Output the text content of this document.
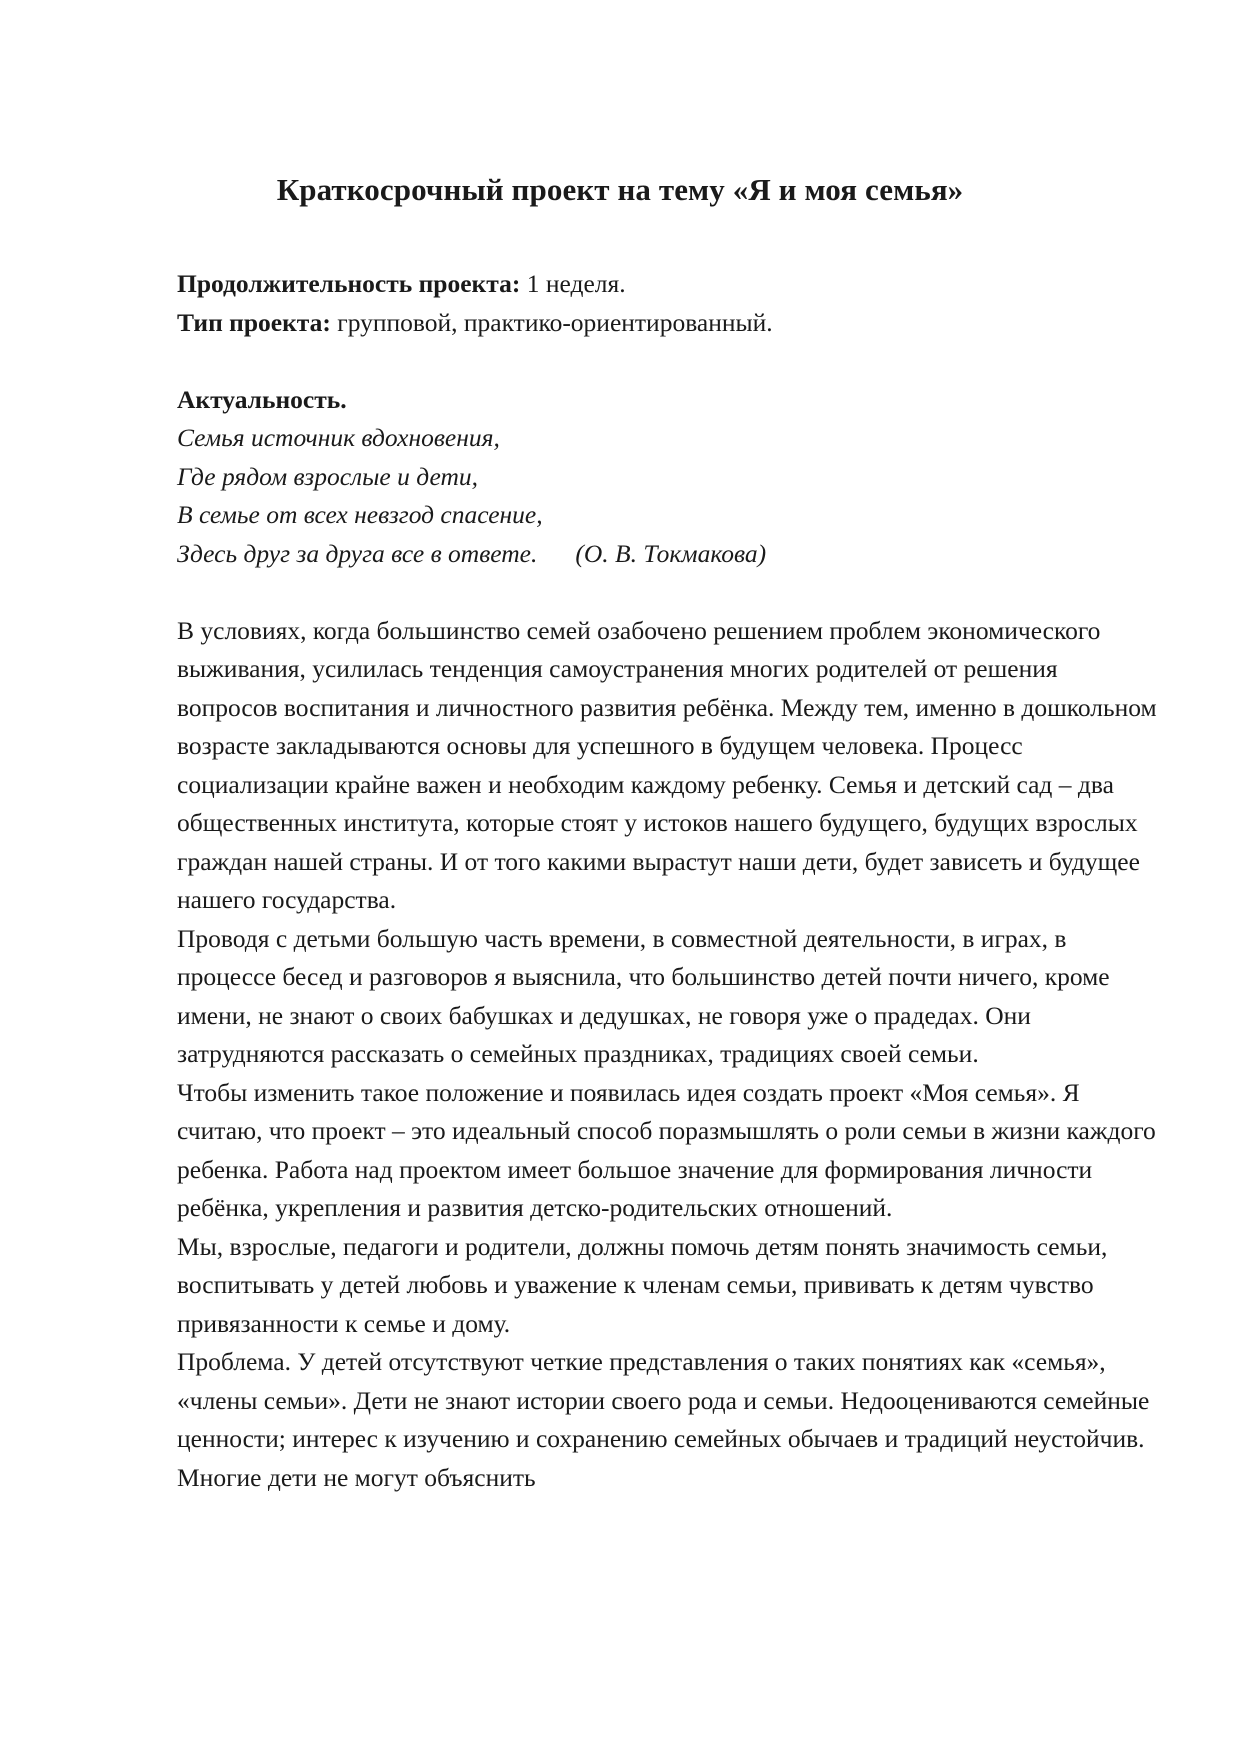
Краткосрочный проект на тему «Я и моя семья»

Продолжительность проекта: 1 неделя.

Тип проекта: групповой, практико-ориентированный.

Актуальность.

Семья источник вдохновения,

Где рядом взрослые и дети,

В семье от всех невзгод спасение,

Здесь друг за друга все в ответе. (О. В. Токмакова)

В условиях, когда большинство семей озабочено решением проблем экономического выживания, усилилась тенденция самоустранения многих родителей от решения вопросов воспитания и личностного развития ребёнка. Между тем, именно в дошкольном возрасте закладываются основы для успешного в будущем человека. Процесс социализации крайне важен и необходим каждому ребенку. Семья и детский сад – два общественных института, которые стоят у истоков нашего будущего, будущих взрослых граждан нашей страны. И от того какими вырастут наши дети, будет зависеть и будущее нашего государства.

Проводя с детьми большую часть времени, в совместной деятельности, в играх, в процессе бесед и разговоров я выяснила, что большинство детей почти ничего, кроме имени, не знают о своих бабушках и дедушках, не говоря уже о прадедах. Они затрудняются рассказать о семейных праздниках, традициях своей семьи.

Чтобы изменить такое положение и появилась идея создать проект «Моя семья». Я считаю, что проект – это идеальный способ поразмышлять о роли семьи в жизни каждого ребенка. Работа над проектом имеет большое значение для формирования личности ребёнка, укрепления и развития детско-родительских отношений.

Мы, взрослые, педагоги и родители, должны помочь детям понять значимость семьи, воспитывать у детей любовь и уважение к членам семьи, прививать к детям чувство привязанности к семье и дому.

Проблема. У детей отсутствуют четкие представления о таких понятиях как «семья», «члены семьи». Дети не знают истории своего рода и семьи. Недооцениваются семейные ценности; интерес к изучению и сохранению семейных обычаев и традиций неустойчив. Многие дети не могут объяснить
